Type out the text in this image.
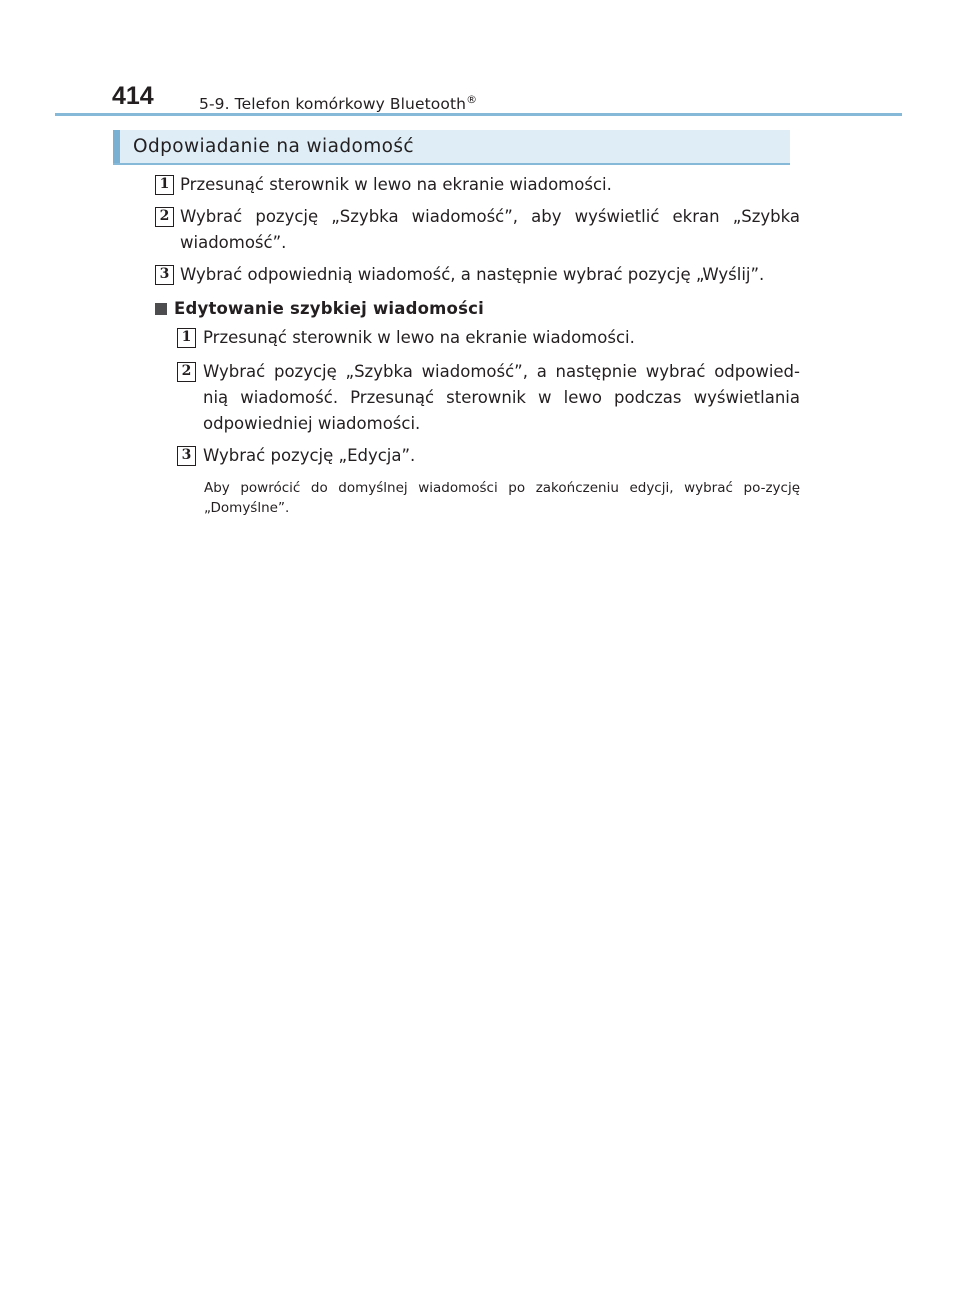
414	5-9. Telefon komórkowy Bluetooth®
Odpowiadanie na wiadomość
1 Przesunąć sterownik w lewo na ekranie wiadomości.
2 Wybrać pozycję „Szybka wiadomość”, aby wyświetlić ekran „Szybka
wiadomość”.
3 Wybrać odpowiednią wiadomość, a następnie wybrać pozycję „Wyślij”.
Edytowanie szybkiej wiadomości
1 Przesunąć sterownik w lewo na ekranie wiadomości.
2 Wybrać pozycję „Szybka wiadomość”, a następnie wybrać odpowied-
nią wiadomość. Przesunąć sterownik w lewo podczas wyświetlania
odpowiedniej wiadomości.
3 Wybrać pozycję „Edycja”.
Aby powrócić do domyślnej wiadomości po zakończeniu edycji, wybrać po-zycję „Domyślne”.
